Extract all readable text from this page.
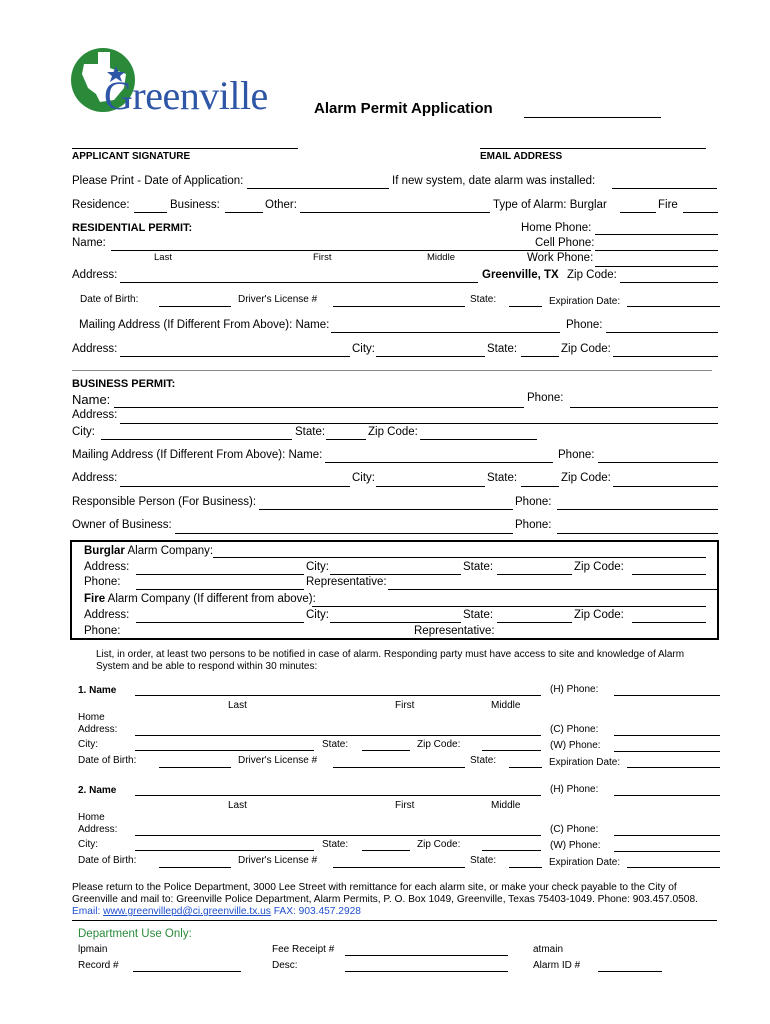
Greenville	Alarm Permit Application
APPLICANT SIGNATURE	EMAIL ADDRESS
Please Print - Date of Application:	If new system, date alarm was installed:
Residence:	Business:	Other:	Type of Alarm: Burglar	Fire
RESIDENTIAL PERMIT:	Home Phone:
Name:	Cell Phone:
Last	First	Middle	Work Phone:
Address:	Greenville, TX Zip Code:
Date of Birth:	Driver's License #	State:	Expiration Date:
Mailing Address (If Different From Above): Name:	Phone:
Address:	City:	State:	Zip Code:
BUSINESS PERMIT:
Name:	Phone:
Address:
City:	State:	Zip Code:
Mailing Address (If Different From Above): Name:	Phone:
Address:	City:	State:	Zip Code:
Responsible Person (For Business):	Phone:
Owner of Business:	Phone:
Burglar Alarm Company:
Address:	City:	State:	Zip Code:
Phone:	Representative:
Fire Alarm Company (If different from above):
Address:	City:	State:	Zip Code:
Phone:	Representative:
List, in order, at least two persons to be notified in case of alarm. Responding party must have access to site and knowledge of Alarm
System and be able to respond within 30 minutes:
1. Name	(H) Phone:
Last	First	Middle
Home
Address:	(C) Phone:
City:	State:	Zip Code:	(W) Phone:
Date of Birth:	Driver's License #	State:	Expiration Date:
2. Name	(H) Phone:
Last	First	Middle
Home
Address:	(C) Phone:
City:	State:	Zip Code:	(W) Phone:
Date of Birth:	Driver's License #	State:	Expiration Date:
Please return to the Police Department, 3000 Lee Street with remittance for each alarm site, or make your check payable to the City of
Greenville and mail to: Greenville Police Department, Alarm Permits, P. O. Box 1049, Greenville, Texas 75403-1049. Phone: 903.457.0508.
Email: www.greenvillepd@ci.greenville.tx.us FAX: 903.457.2928
Department Use Only:
lpmain	Fee Receipt #	atmain
Record #	Desc:	Alarm ID #
